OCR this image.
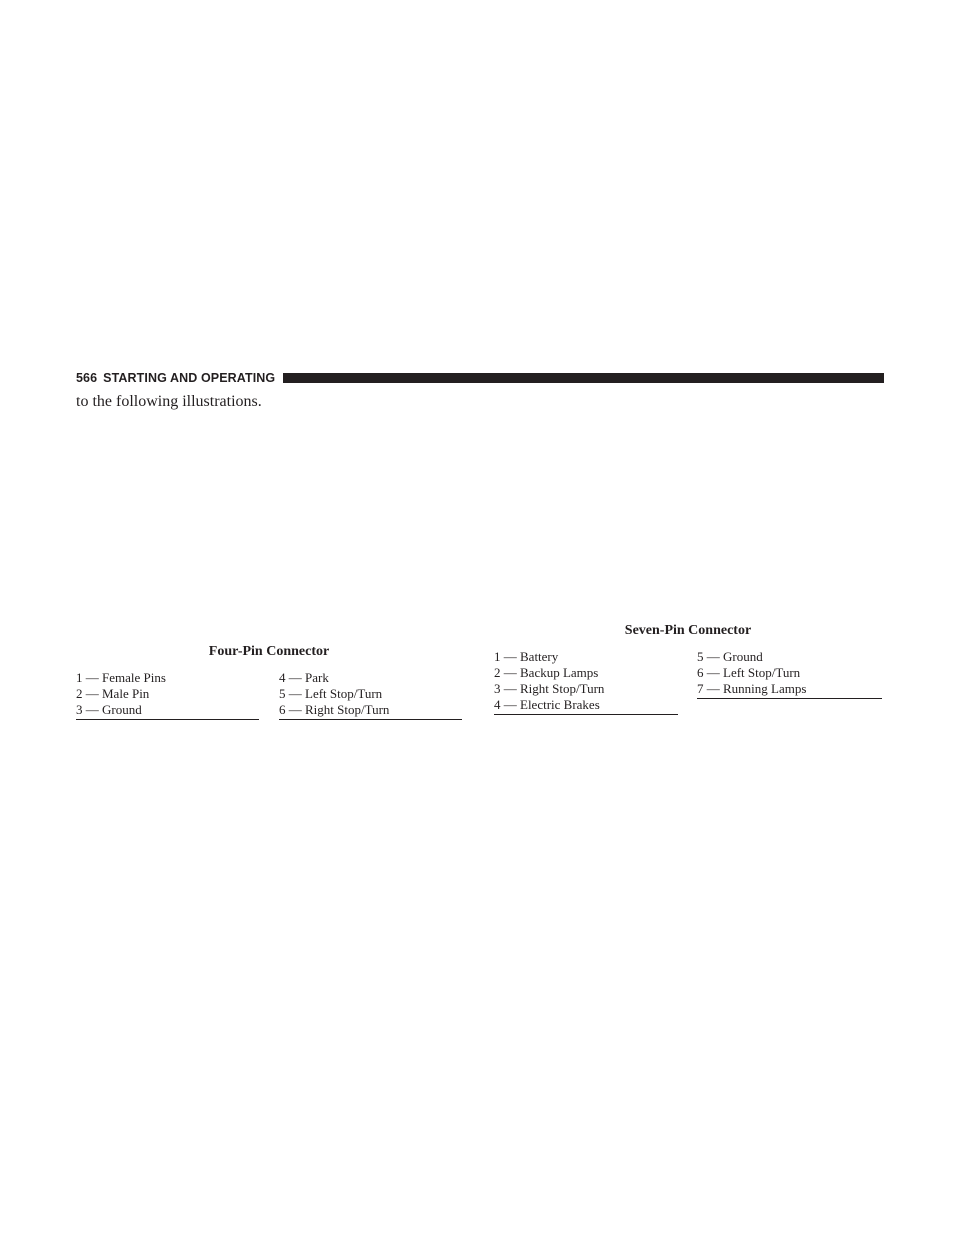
566 STARTING AND OPERATING
to the following illustrations.
Four-Pin Connector
1 — Female Pins
2 — Male Pin
3 — Ground
4 — Park
5 — Left Stop/Turn
6 — Right Stop/Turn
Seven-Pin Connector
1 — Battery
2 — Backup Lamps
3 — Right Stop/Turn
4 — Electric Brakes
5 — Ground
6 — Left Stop/Turn
7 — Running Lamps
